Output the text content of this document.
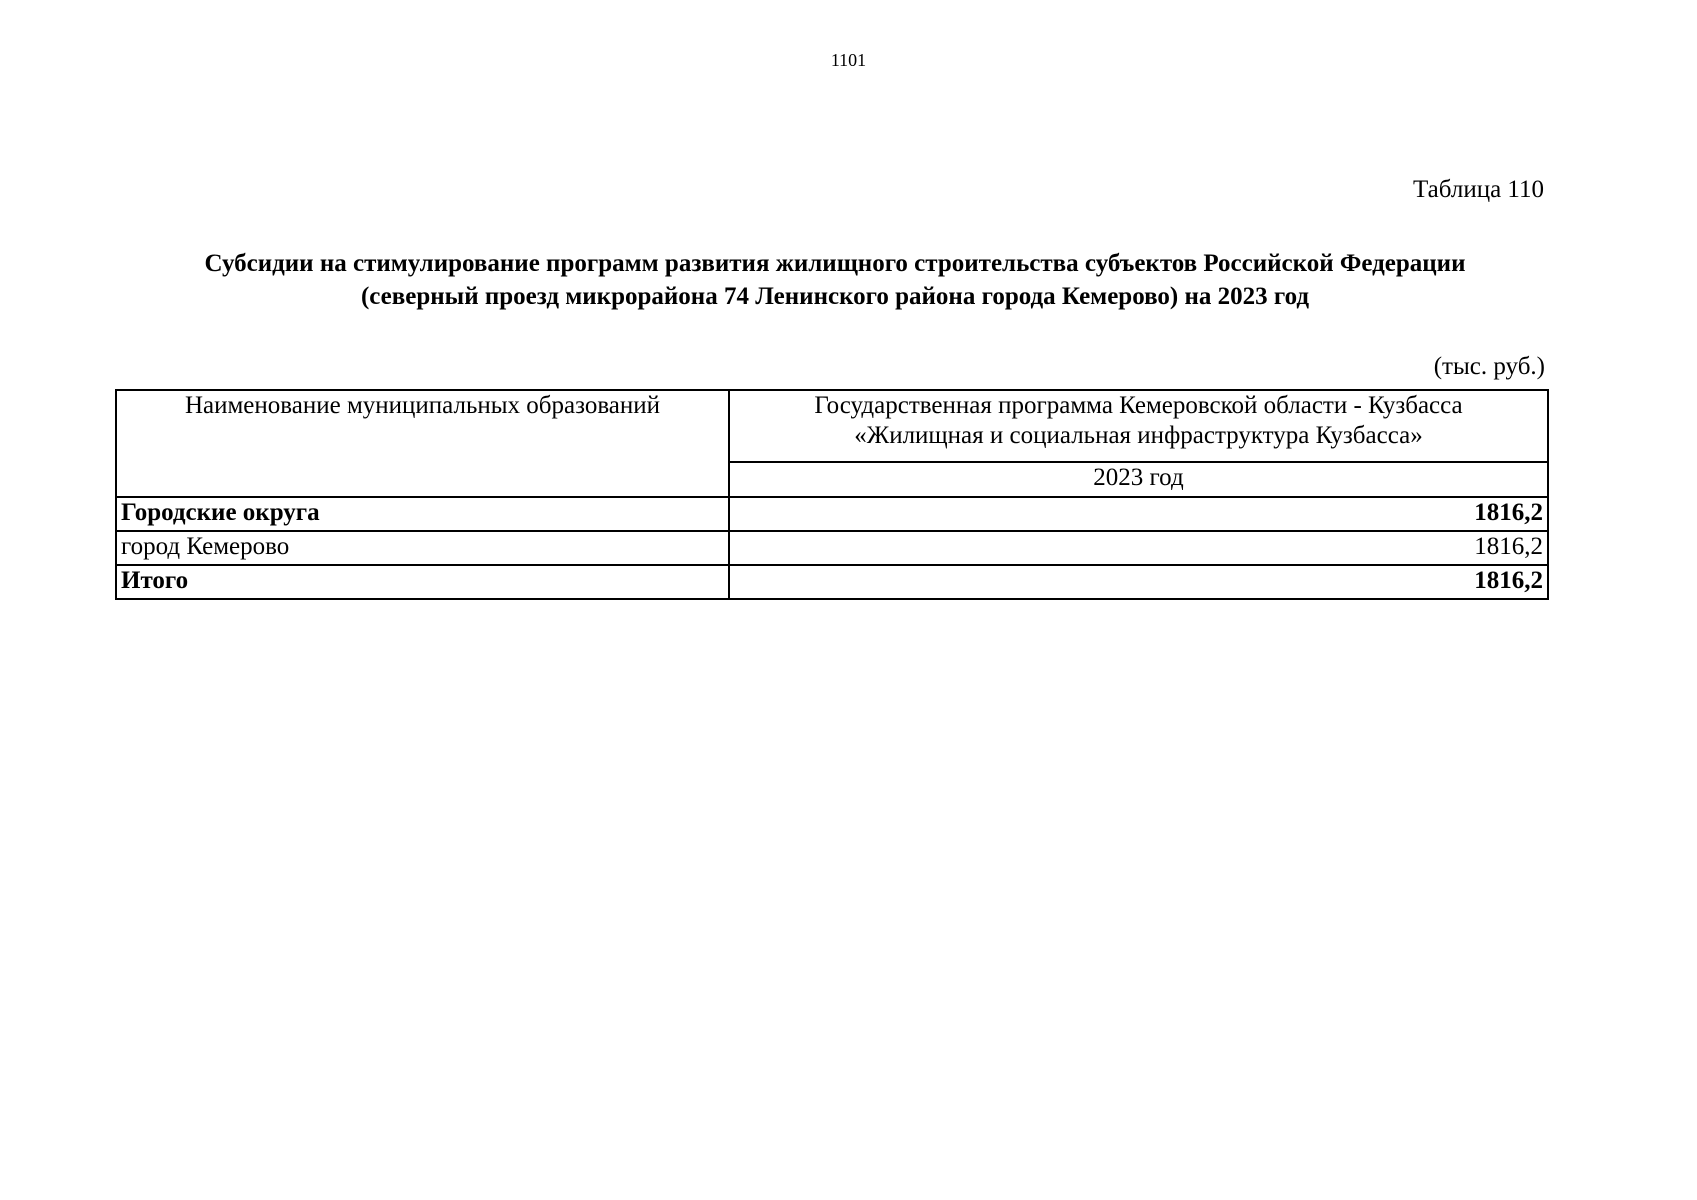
1101
Таблица 110
Субсидии на стимулирование программ развития жилищного строительства субъектов Российской Федерации
(северный проезд микрорайона 74 Ленинского района города Кемерово) на 2023 год
(тыс. руб.)
Наименование муниципальных образований	Государственная программа Кемеровской области - Кузбасса
«Жилищная и социальная инфраструктура Кузбасса»

	2023 год
Городские округа	1816,2
город Кемерово	1816,2
Итого	1816,2
